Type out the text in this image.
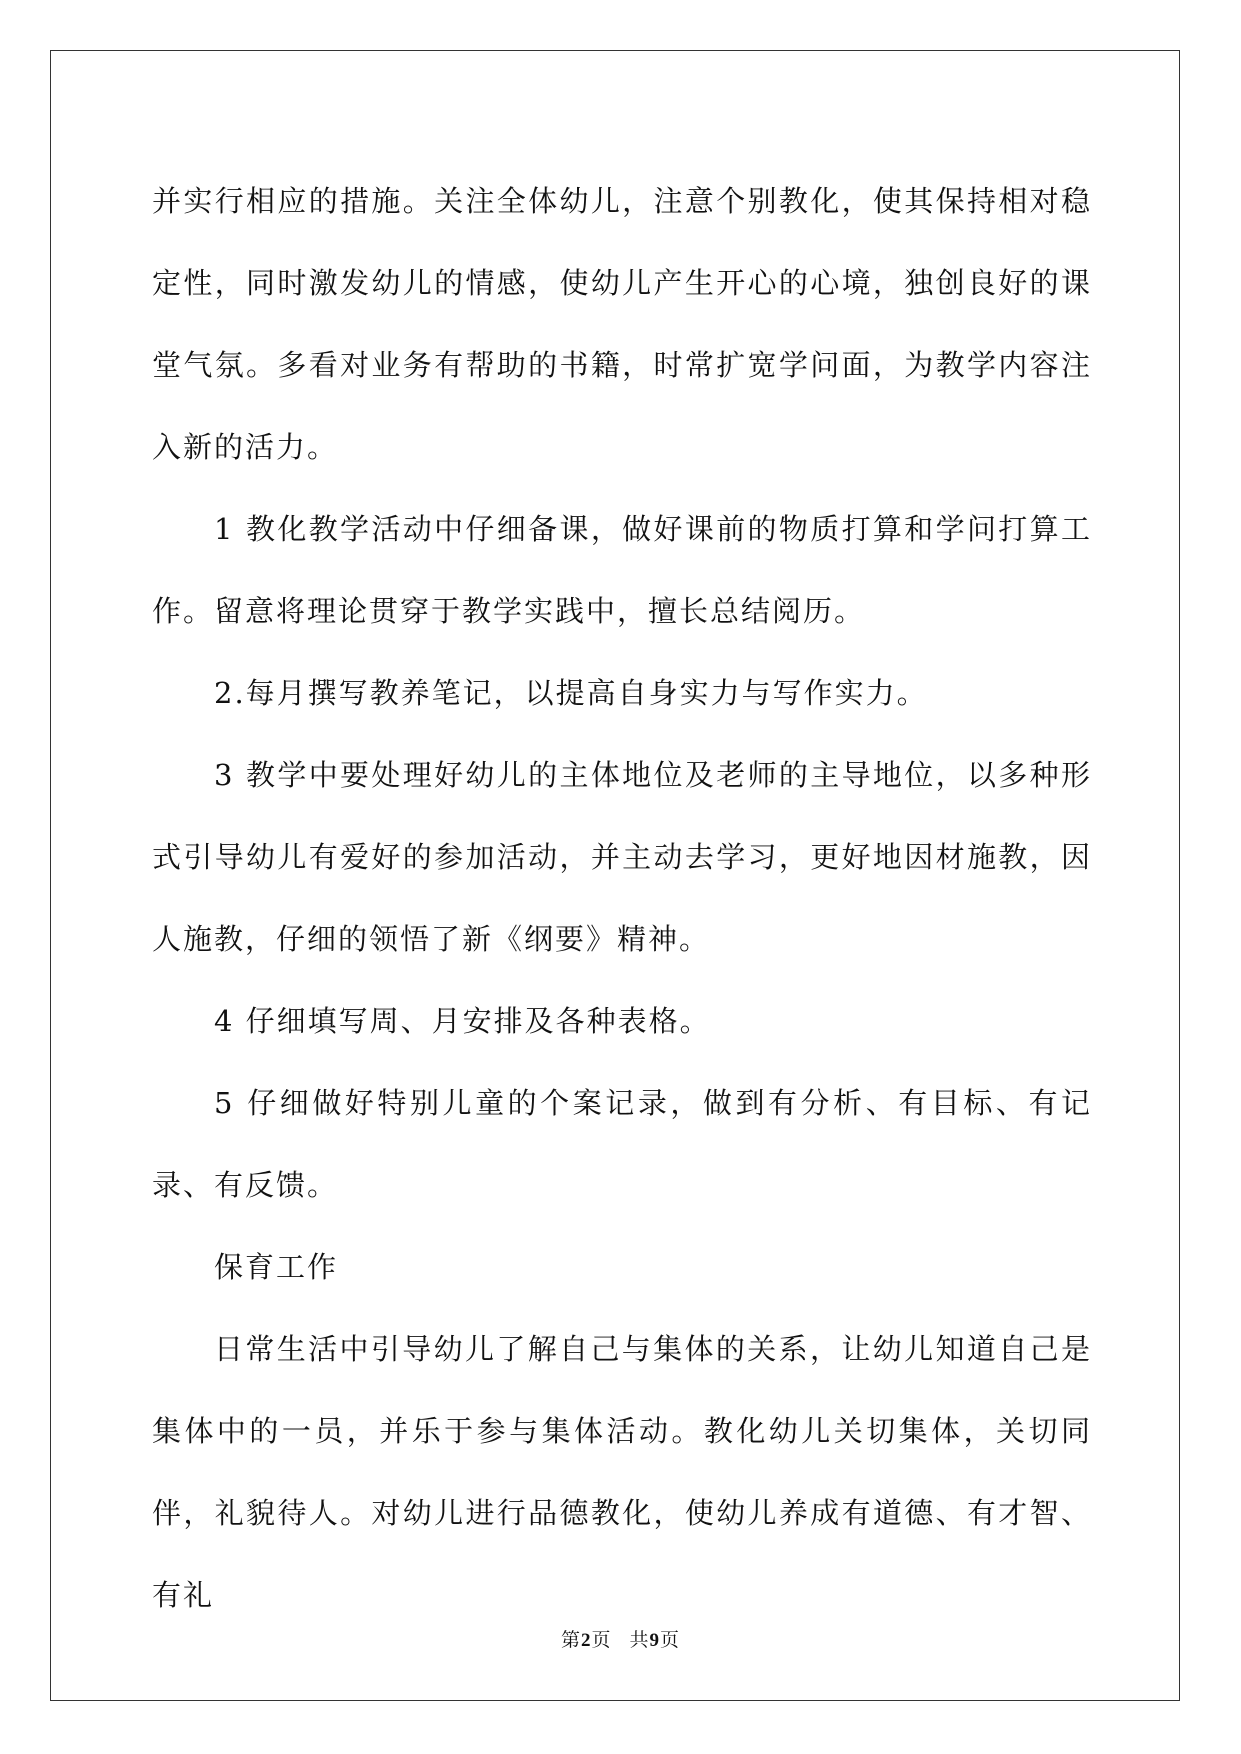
并实行相应的措施。关注全体幼儿，注意个别教化，使其保持相对稳定性，同时激发幼儿的情感，使幼儿产生开心的心境，独创良好的课堂气氛。多看对业务有帮助的书籍，时常扩宽学问面，为教学内容注入新的活力。

1 教化教学活动中仔细备课，做好课前的物质打算和学问打算工作。留意将理论贯穿于教学实践中，擅长总结阅历。

2.每月撰写教养笔记，以提高自身实力与写作实力。

3 教学中要处理好幼儿的主体地位及老师的主导地位，以多种形式引导幼儿有爱好的参加活动，并主动去学习，更好地因材施教，因人施教，仔细的领悟了新《纲要》精神。

4 仔细填写周、月安排及各种表格。

5 仔细做好特别儿童的个案记录，做到有分析、有目标、有记录、有反馈。

保育工作

日常生活中引导幼儿了解自己与集体的关系，让幼儿知道自己是集体中的一员，并乐于参与集体活动。教化幼儿关切集体，关切同伴，礼貌待人。对幼儿进行品德教化，使幼儿养成有道德、有才智、有礼

第2页 共9页
